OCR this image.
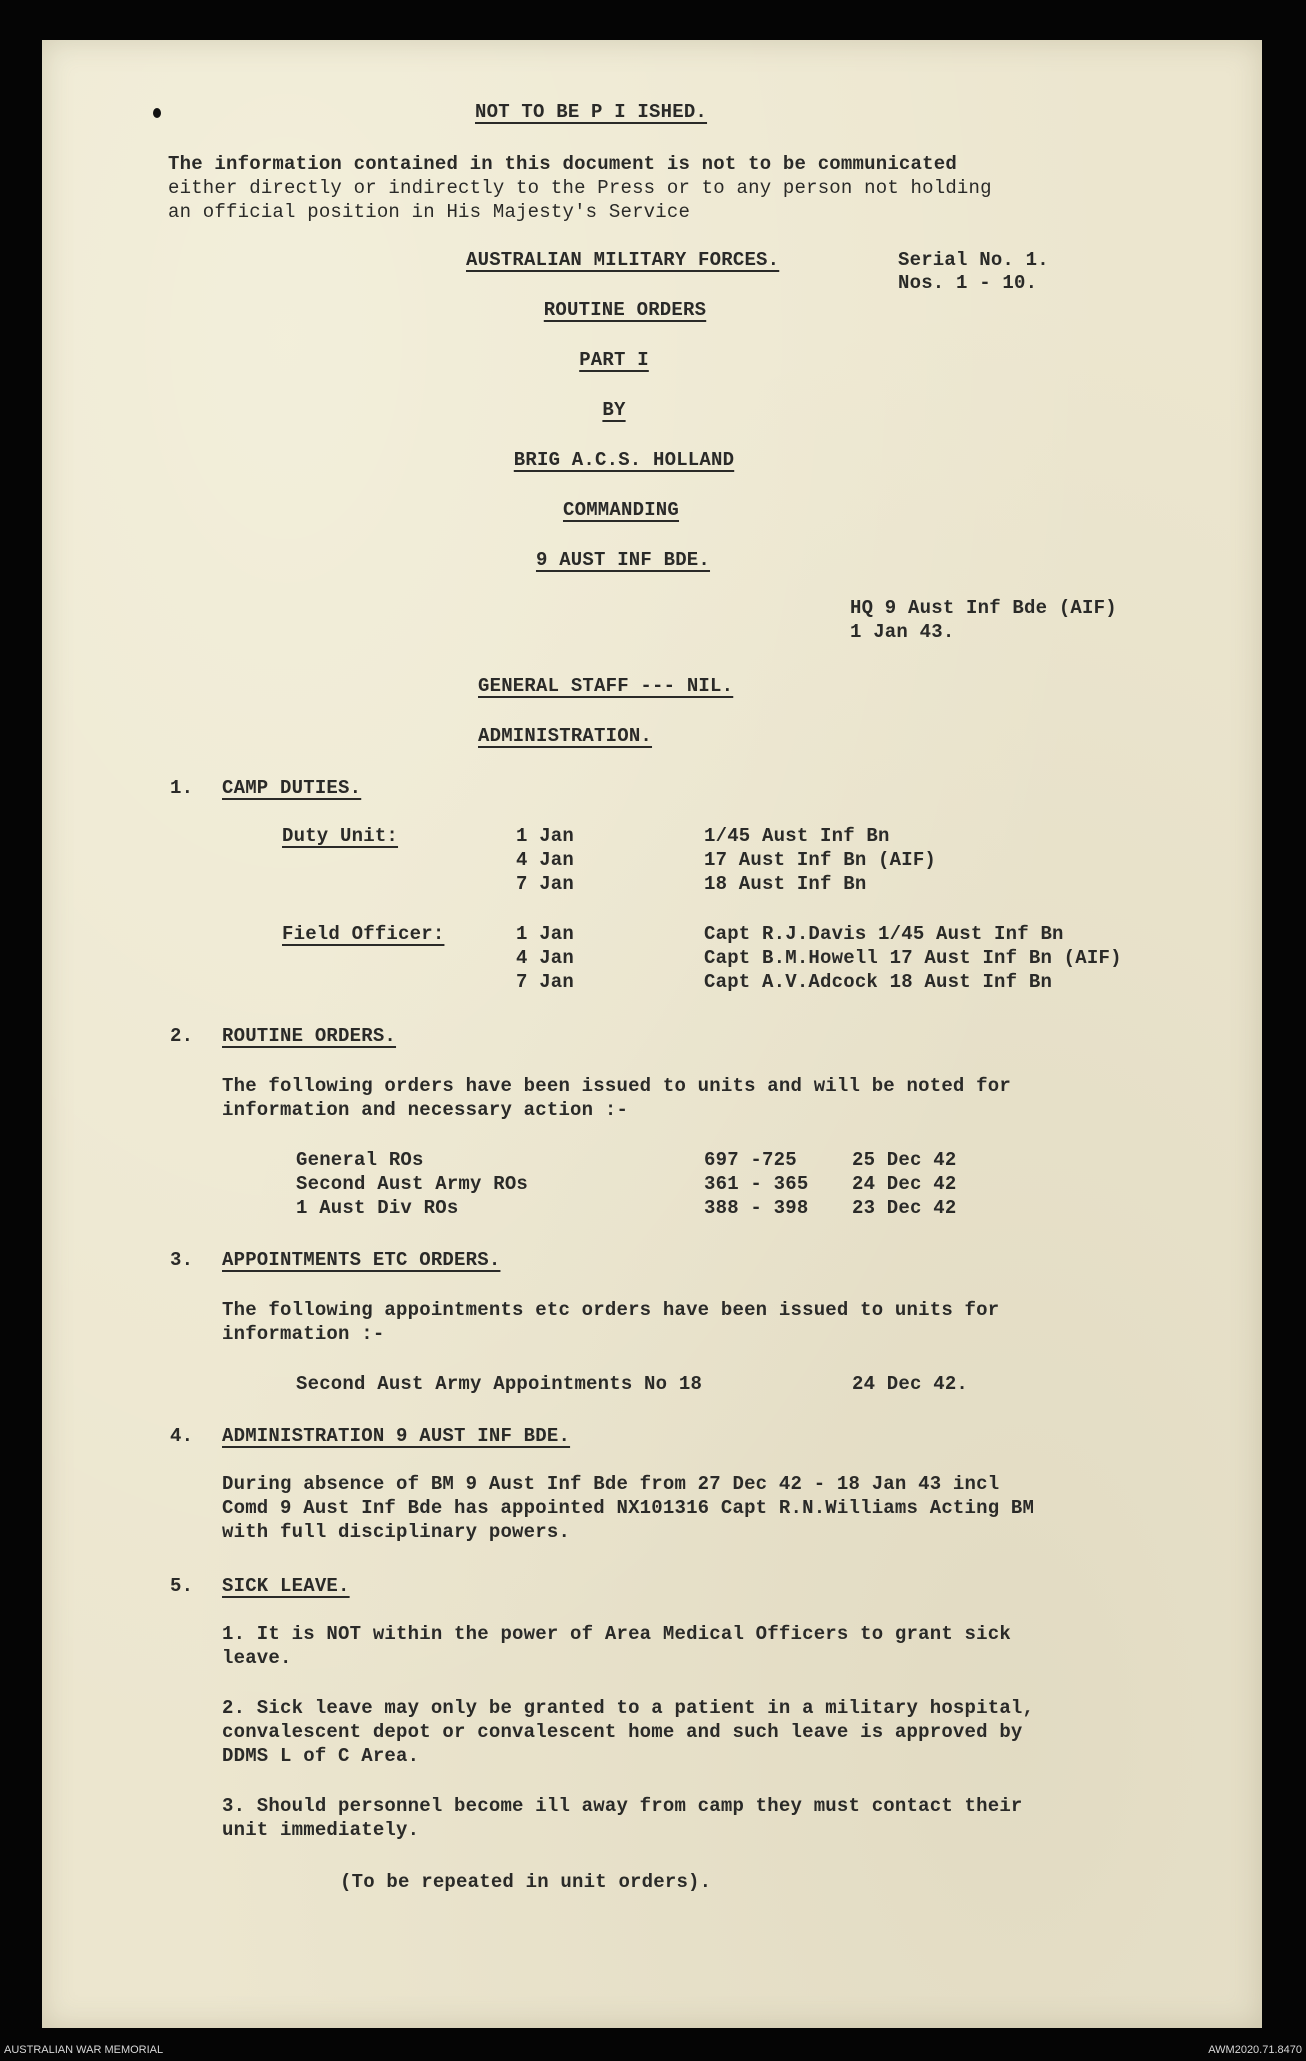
NOT TO BE P I ISHED.
The information contained in this document is not to be communicated
either directly or indirectly to the Press or to any person not holding
an official position in His Majesty's Service
AUSTRALIAN MILITARY FORCES.	Serial No. 1.
Nos. 1 - 10.
ROUTINE ORDERS
PART I
BY
BRIG A.C.S. HOLLAND
COMMANDING
9 AUST INF BDE.
HQ 9 Aust Inf Bde (AIF)
1 Jan 43.
GENERAL STAFF --- NIL.
ADMINISTRATION.
1. CAMP DUTIES.
Duty Unit:	1 Jan	1/45 Aust Inf Bn
4 Jan	17 Aust Inf Bn (AIF)
7 Jan	18 Aust Inf Bn
Field Officer:	1 Jan	Capt R.J.Davis 1/45 Aust Inf Bn
4 Jan	Capt B.M.Howell 17 Aust Inf Bn (AIF)
7 Jan	Capt A.V.Adcock 18 Aust Inf Bn
2. ROUTINE ORDERS.
The following orders have been issued to units and will be noted for
information and necessary action :-
General ROs	697 -725	25 Dec 42
Second Aust Army ROs	361 - 365 24 Dec 42
1 Aust Div ROs	388 - 398 23 Dec 42
3. APPOINTMENTS ETC ORDERS.
The following appointments etc orders have been issued to units for
information :-
Second Aust Army Appointments No 18	24 Dec 42.
4. ADMINISTRATION 9 AUST INF BDE.
During absence of BM 9 Aust Inf Bde from 27 Dec 42 - 18 Jan 43 incl
Comd 9 Aust Inf Bde has appointed NX101316 Capt R.N.Williams Acting BM
with full disciplinary powers.
5. SICK LEAVE.
1. It is NOT within the power of Area Medical Officers to grant sick
leave.
2. Sick leave may only be granted to a patient in a military hospital,
convalescent depot or convalescent home and such leave is approved by
DDMS L of C Area.
3. Should personnel become ill away from camp they must contact their
unit immediately.
(To be repeated in unit orders).
AUSTRALIAN WAR MEMORIAL	AWM2020.71.8470
